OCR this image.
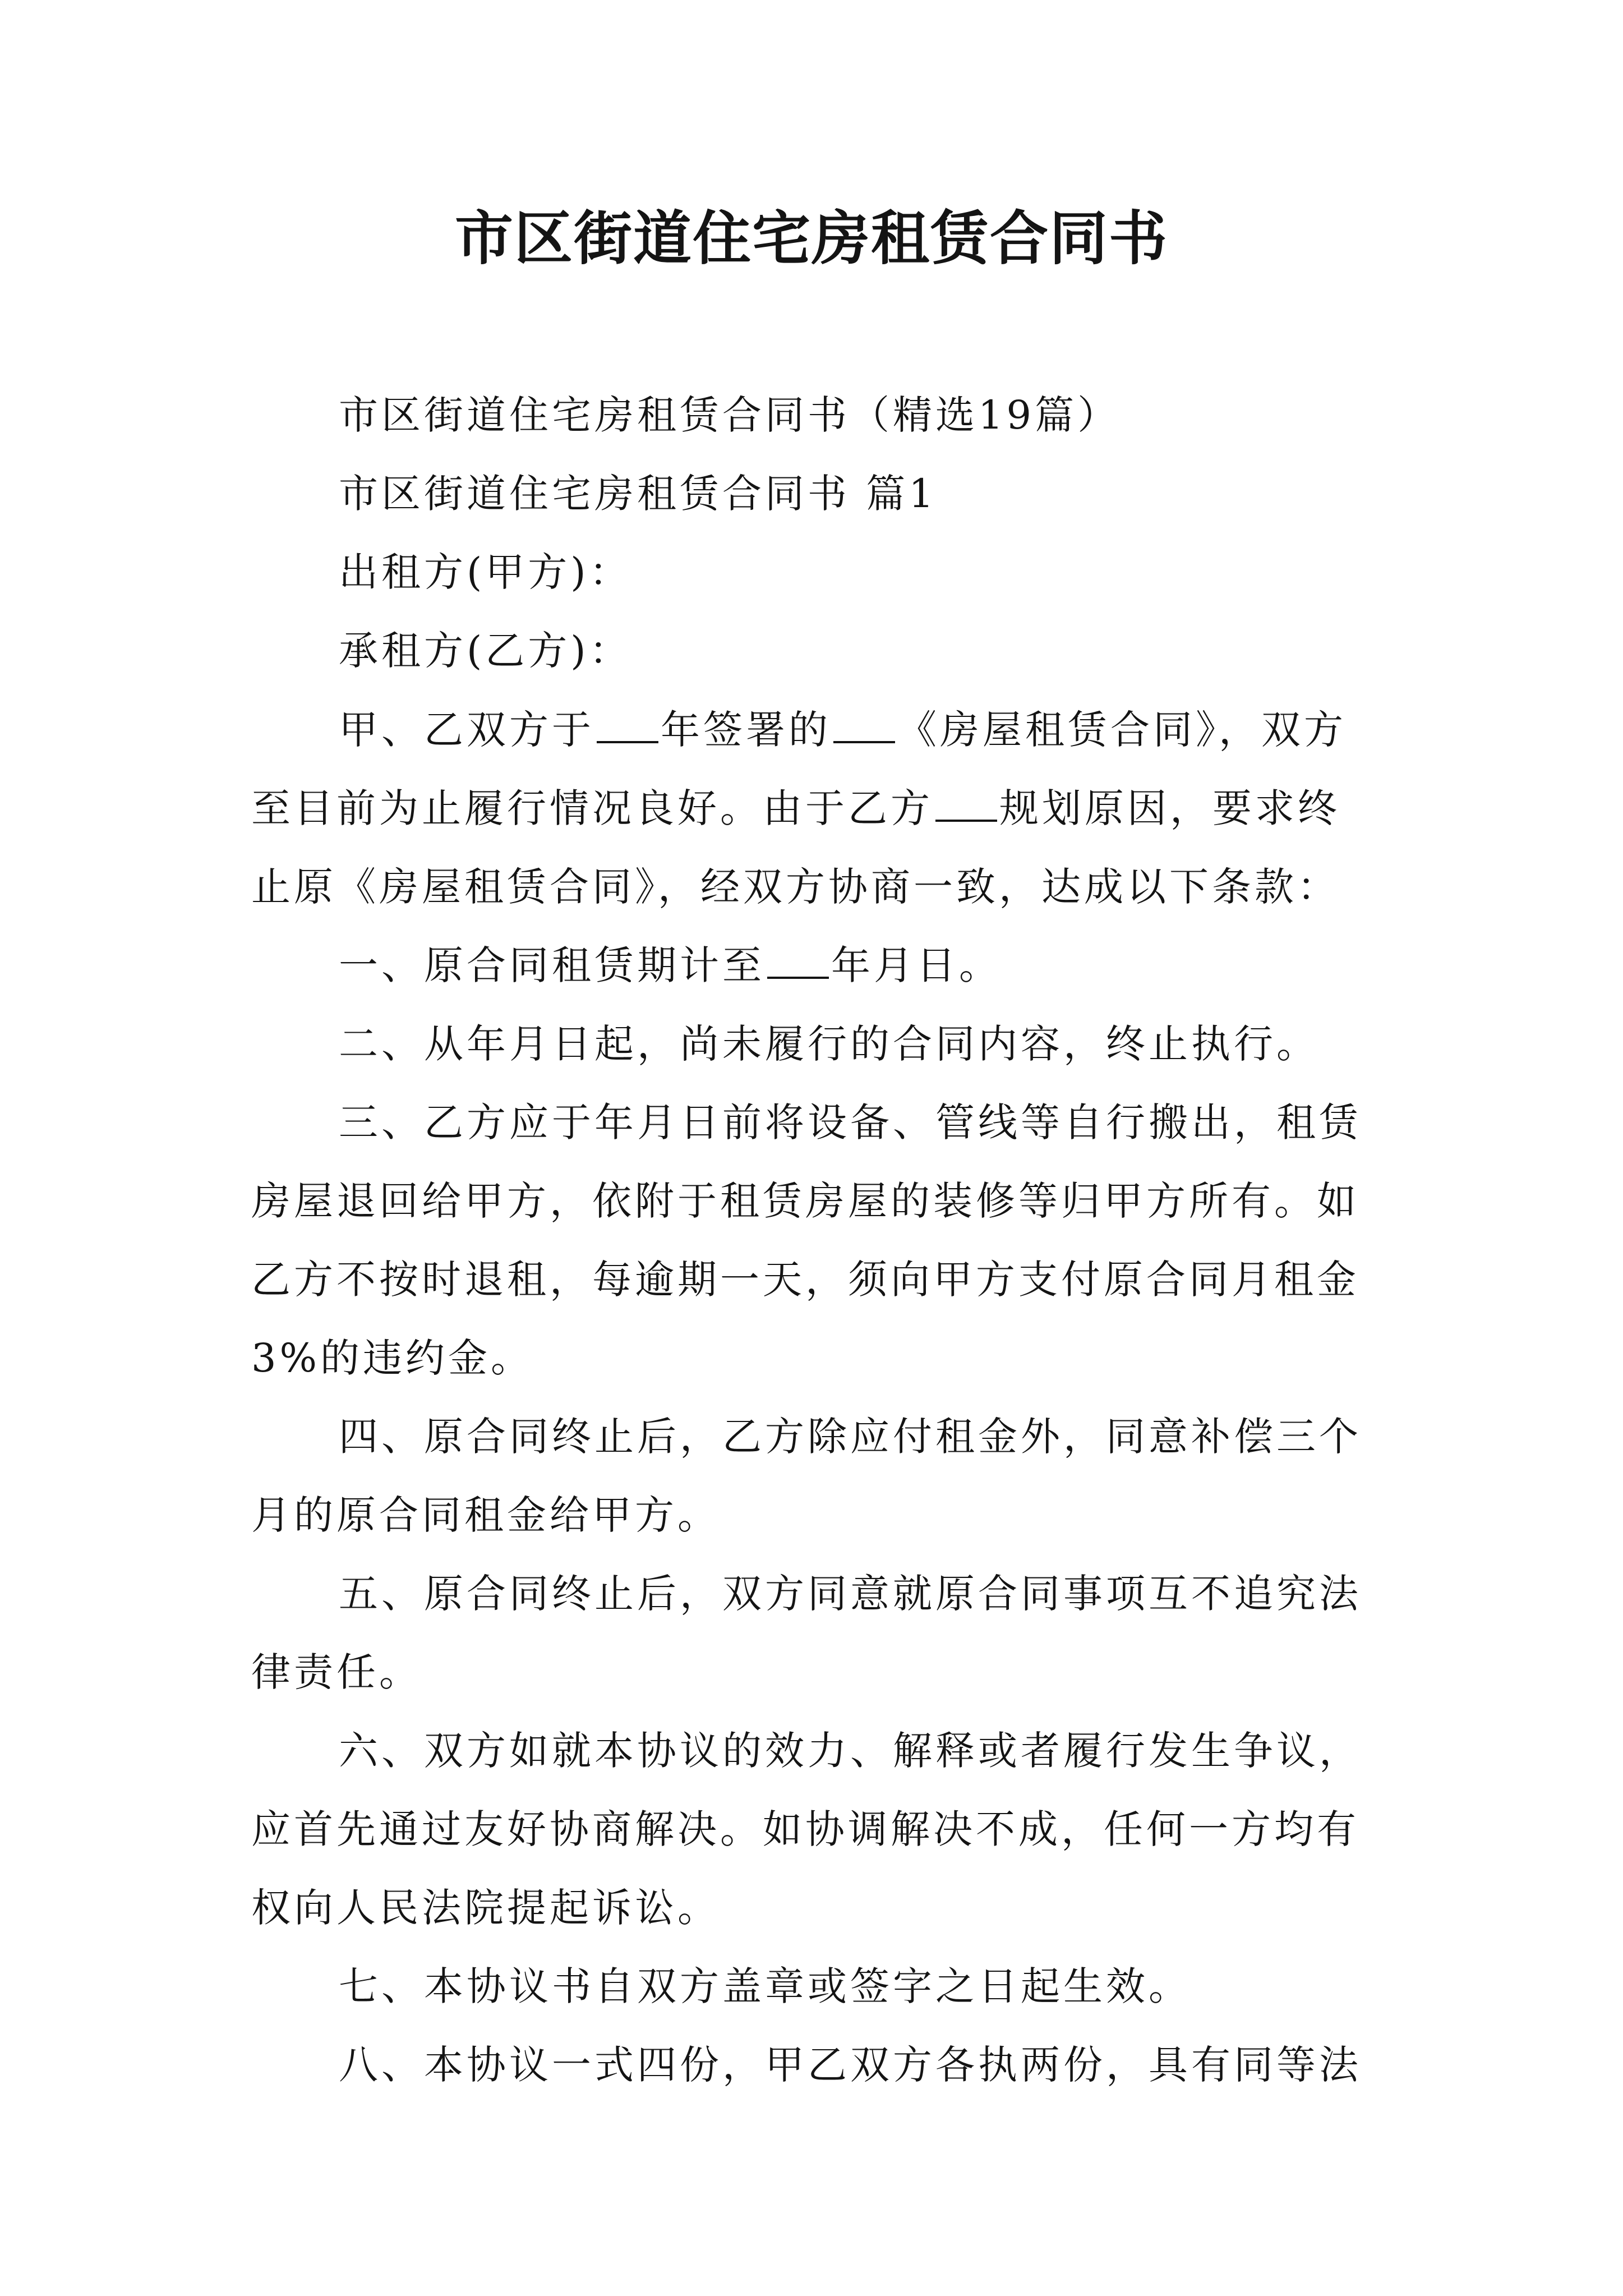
市区街道住宅房租赁合同书
市区街道住宅房租赁合同书（精选19篇）
市区街道住宅房租赁合同书 篇1
出租方(甲方)：
承租方(乙方)：
甲、乙双方于 年签署的 《房屋租赁合同》，双方
至目前为止履行情况良好。由于乙方 规划原因，要求终
止原《房屋租赁合同》，经双方协商一致，达成以下条款：
一、原合同租赁期计至 年月日。
二、从年月日起，尚未履行的合同内容，终止执行。
三、乙方应于年月日前将设备、管线等自行搬出，租赁
房屋退回给甲方，依附于租赁房屋的装修等归甲方所有。如
乙方不按时退租，每逾期一天，须向甲方支付原合同月租金
3%的违约金。
四、原合同终止后，乙方除应付租金外，同意补偿三个
月的原合同租金给甲方。
五、原合同终止后，双方同意就原合同事项互不追究法
律责任。
六、双方如就本协议的效力、解释或者履行发生争议，
应首先通过友好协商解决。如协调解决不成，任何一方均有
权向人民法院提起诉讼。
七、本协议书自双方盖章或签字之日起生效。
八、本协议一式四份，甲乙双方各执两份，具有同等法
